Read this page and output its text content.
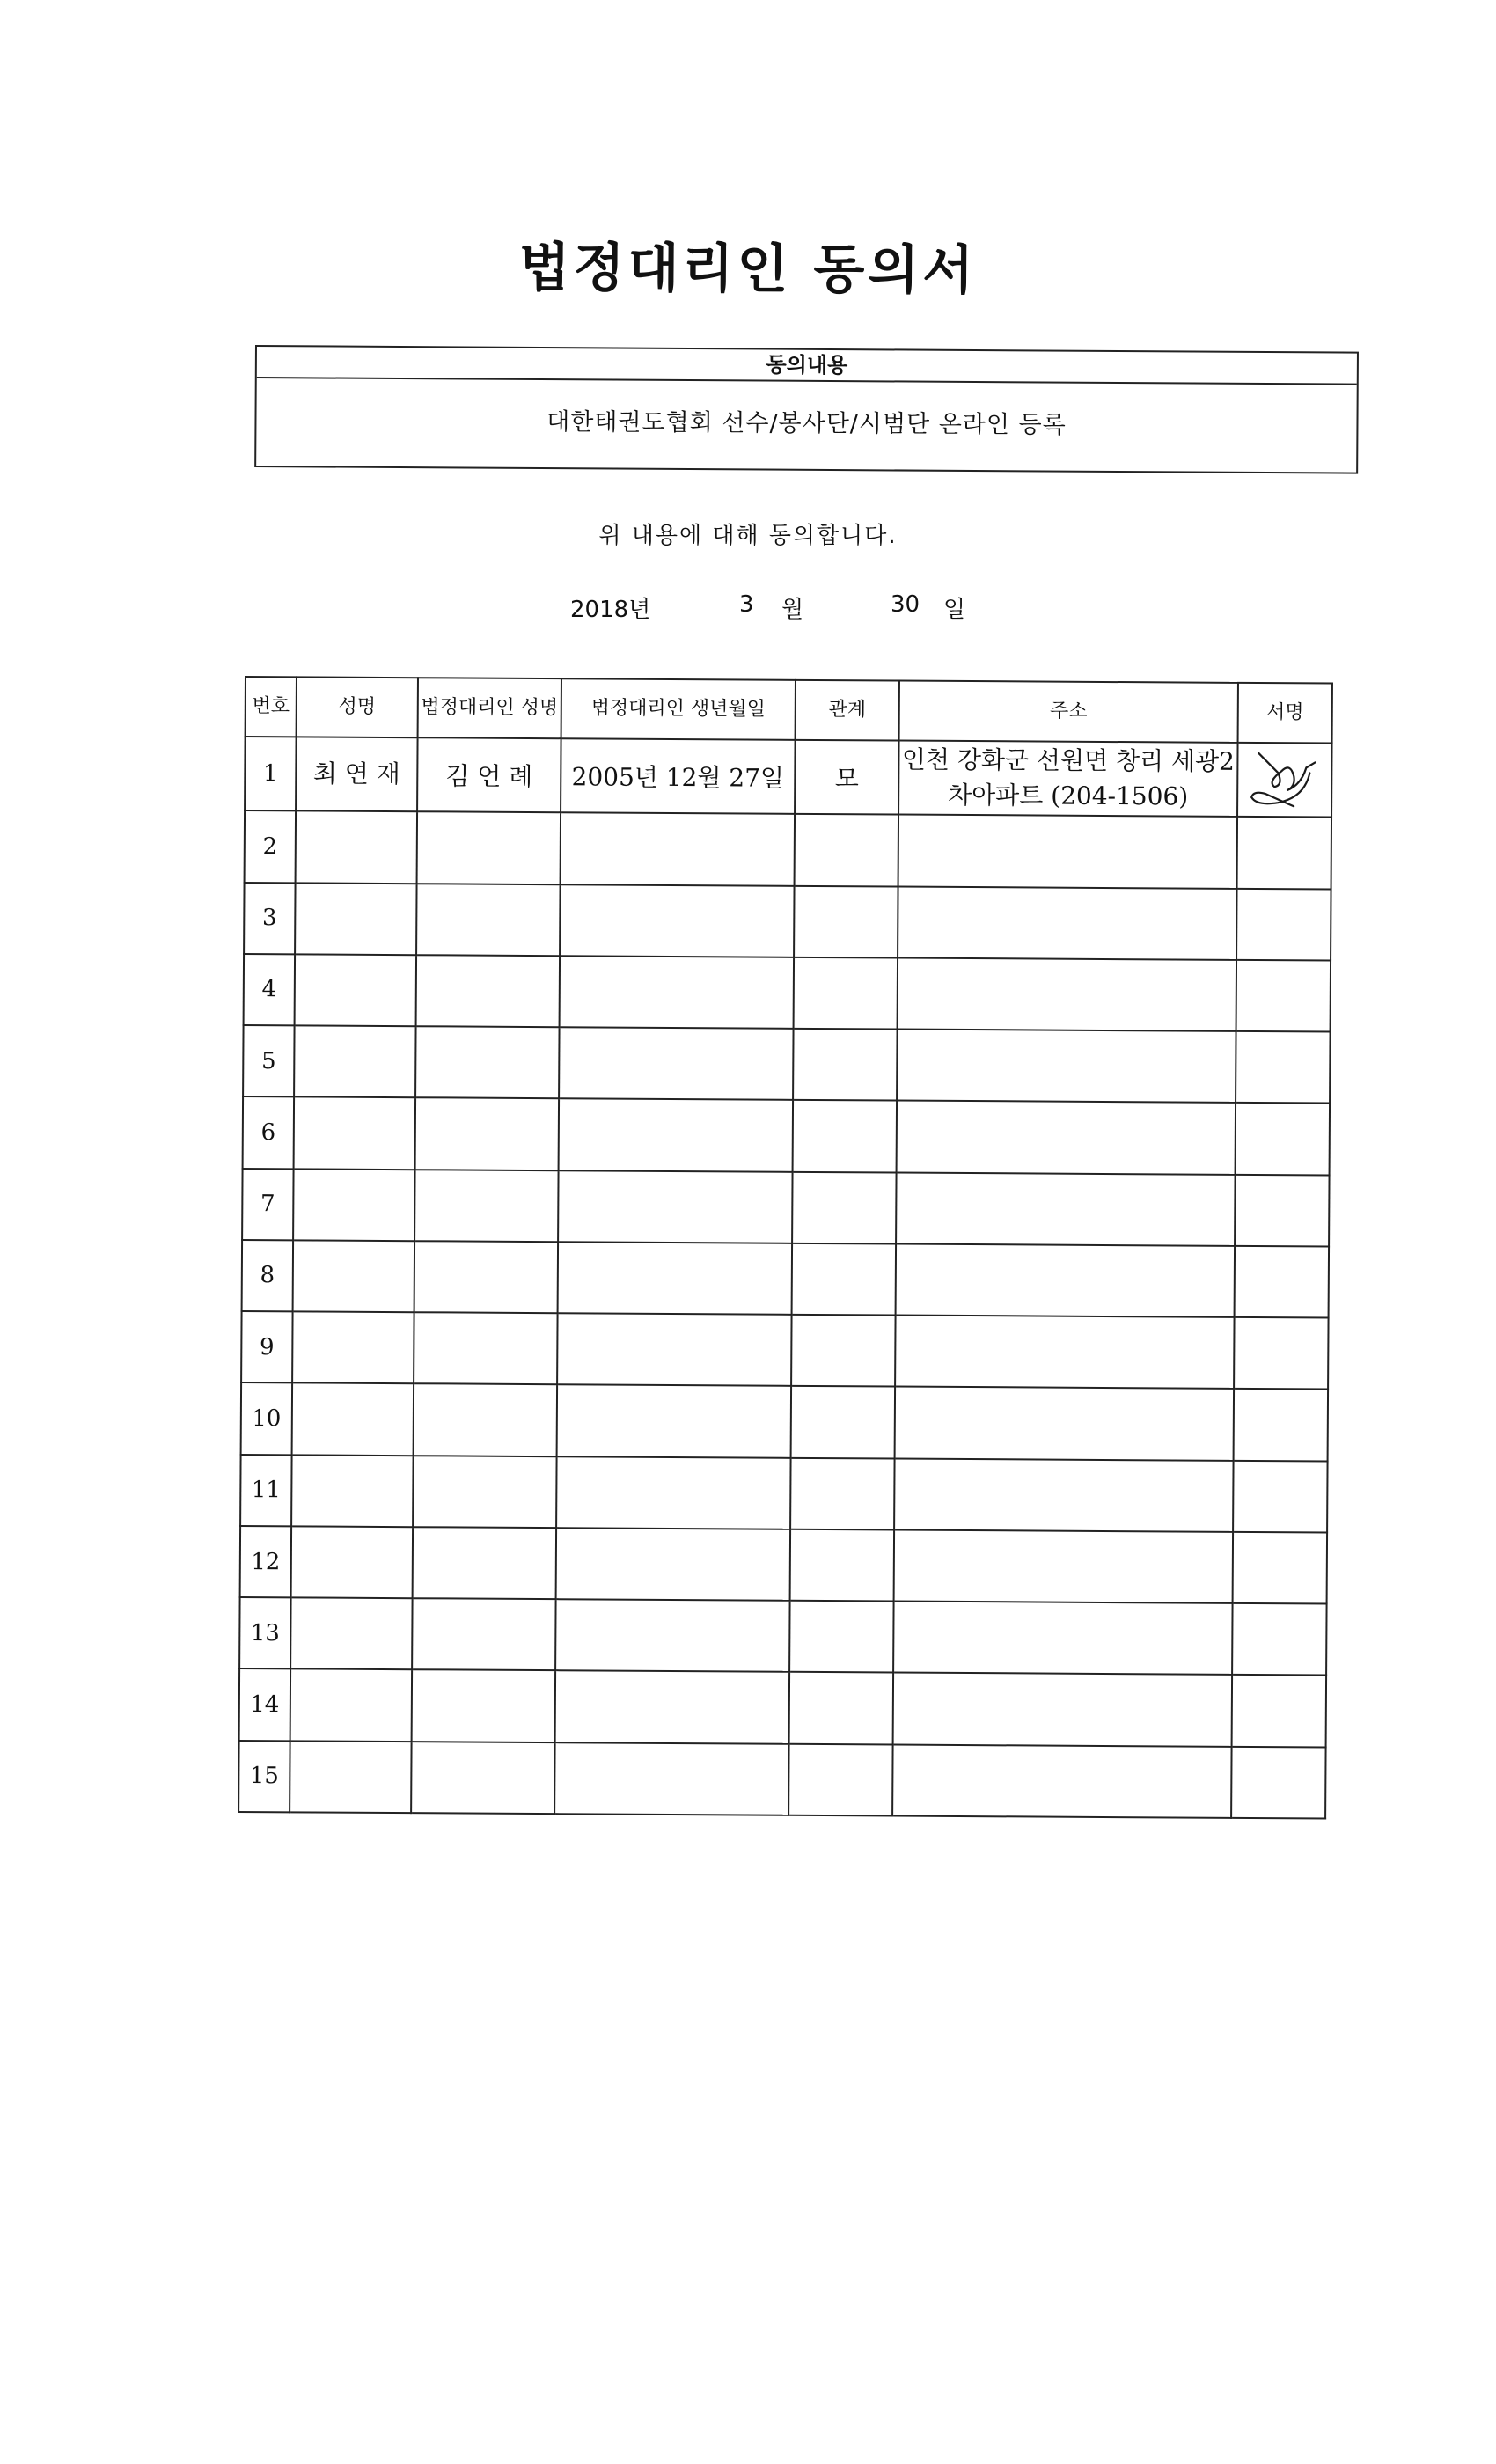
법정대리인 동의서
동의내용
대한태권도협회 선수/봉사단/시범단 온라인 등록
위 내용에 대해 동의합니다.
2018년	3 월	30 일
번호	성명	법정대리인 성명	법정대리인 생년월일	관계	주소	서명
1	최 연 재	김 언 례	2005년 12월 27일	모	인천 강화군 선원면 창리 세광2차아파트 (204-1506)	

2						
3						
4						
5						
6						
7						
8						
9						
10						
11						
12						
13						
14						
15						
